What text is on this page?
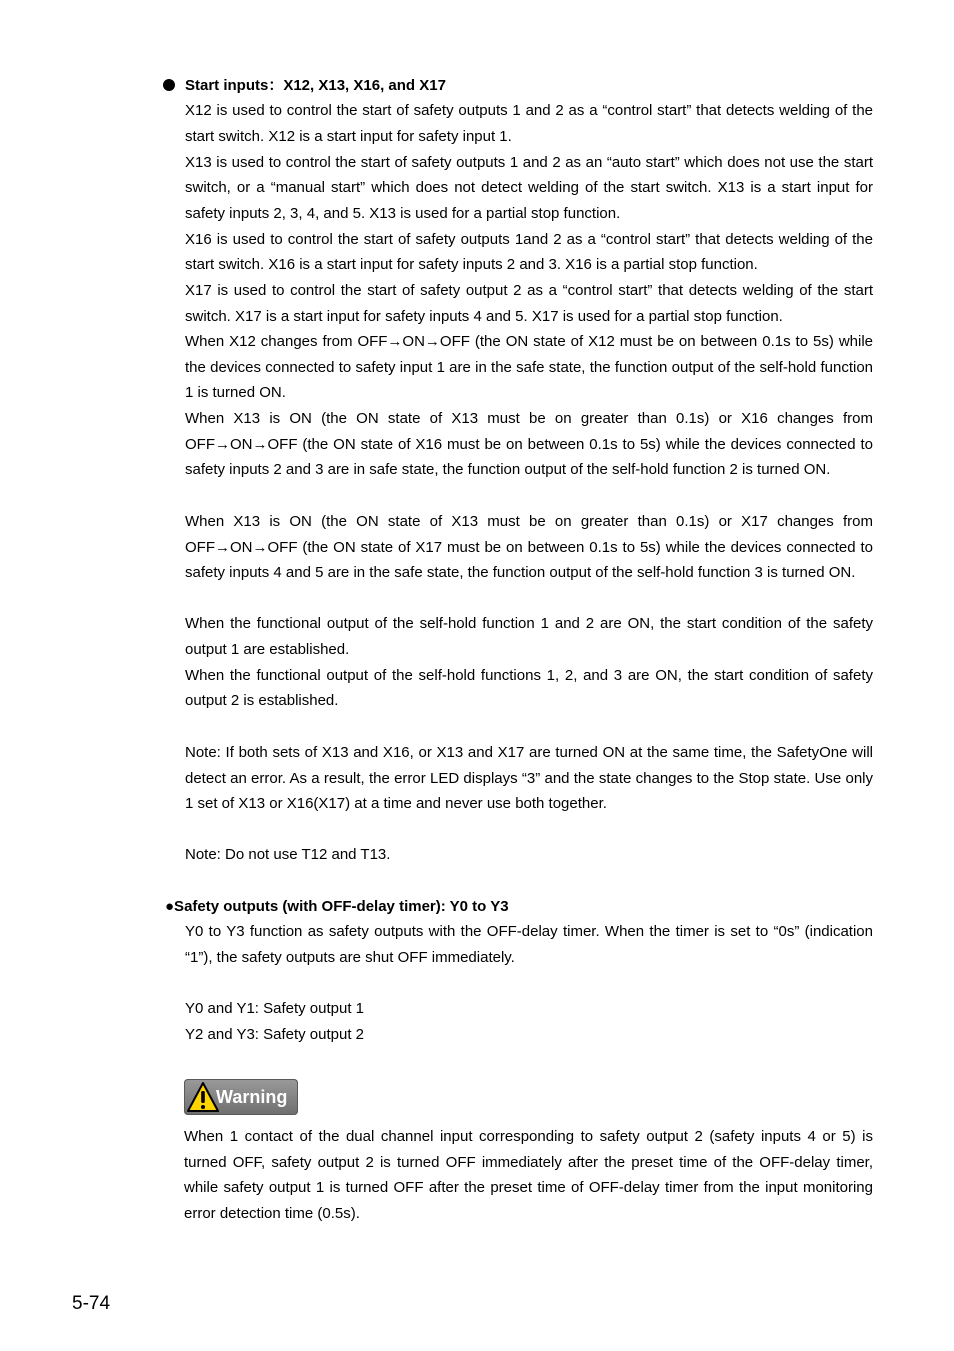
Start inputs：X12, X13, X16, and X17

X12 is used to control the start of safety outputs 1 and 2 as a “control start” that detects welding of the start switch. X12 is a start input for safety input 1.

X13 is used to control the start of safety outputs 1 and 2 as an “auto start” which does not use the start switch, or a “manual start” which does not detect welding of the start switch. X13 is a start input for safety inputs 2, 3, 4, and 5. X13 is used for a partial stop function.

X16 is used to control the start of safety outputs 1and 2 as a “control start” that detects welding of the start switch. X16 is a start input for safety inputs 2 and 3. X16 is a partial stop function.

X17 is used to control the start of safety output 2 as a “control start” that detects welding of the start switch. X17 is a start input for safety inputs 4 and 5. X17 is used for a partial stop function.

When X12 changes from OFF→ON→OFF (the ON state of X12 must be on between 0.1s to 5s) while the devices connected to safety input 1 are in the safe state, the function output of the self-hold function 1 is turned ON.

When X13 is ON (the ON state of X13 must be on greater than 0.1s) or X16 changes from OFF→ON→OFF (the ON state of X16 must be on between 0.1s to 5s) while the devices connected to safety inputs 2 and 3 are in safe state, the function output of the self-hold function 2 is turned ON.

When X13 is ON (the ON state of X13 must be on greater than 0.1s) or X17 changes from OFF→ON→OFF (the ON state of X17 must be on between 0.1s to 5s) while the devices connected to safety inputs 4 and 5 are in the safe state, the function output of the self-hold function 3 is turned ON.

When the functional output of the self-hold function 1 and 2 are ON, the start condition of the safety output 1 are established.

When the functional output of the self-hold functions 1, 2, and 3 are ON, the start condition of safety output 2 is established.

Note: If both sets of X13 and X16, or X13 and X17 are turned ON at the same time, the SafetyOne will detect an error. As a result, the error LED displays “3” and the state changes to the Stop state. Use only 1 set of X13 or X16(X17) at a time and never use both together.

Note: Do not use T12 and T13.

●Safety outputs (with OFF-delay timer): Y0 to Y3

Y0 to Y3 function as safety outputs with the OFF-delay timer. When the timer is set to “0s” (indication “1”), the safety outputs are shut OFF immediately.

Y0 and Y1: Safety output 1

Y2 and Y3: Safety output 2

Warning

When 1 contact of the dual channel input corresponding to safety output 2 (safety inputs 4 or 5) is turned OFF, safety output 2 is turned OFF immediately after the preset time of the OFF-delay timer, while safety output 1 is turned OFF after the preset time of OFF-delay timer from the input monitoring error detection time (0.5s).

5-74
